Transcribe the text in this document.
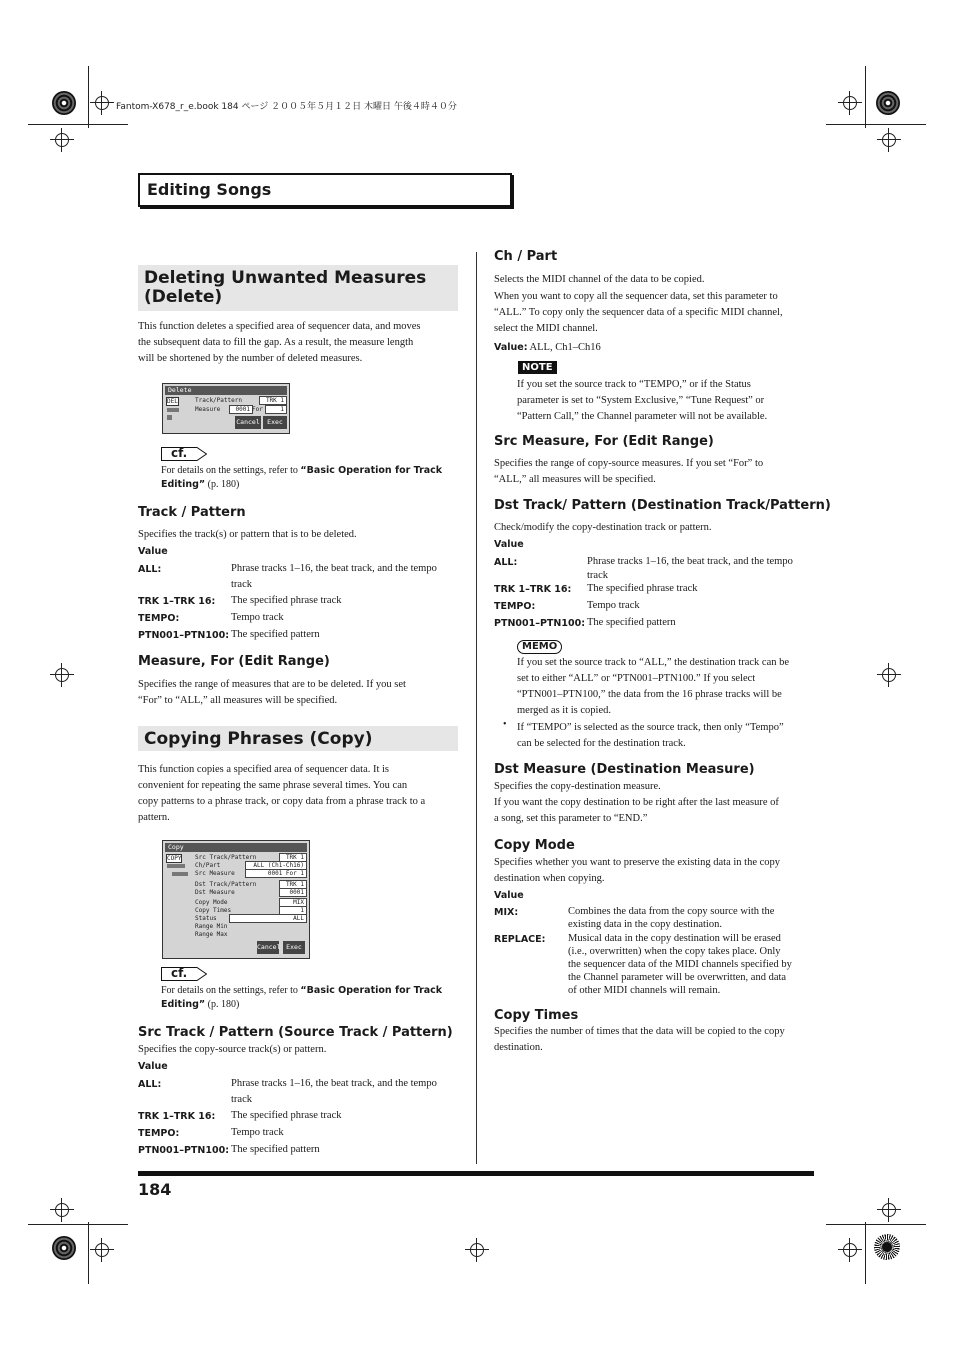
Fantom-X678_r_e.book 184 ページ ２００５年５月１２日 木曜日 午後４時４０分
Editing Songs
Deleting Unwanted Measures
(Delete)
This function deletes a specified area of sequencer data, and moves
the subsequent data to fill the gap. As a result, the measure length
will be shortened by the number of deleted measures.
Delete
DEL	Track/Pattern	TRK 1
Measure	0001 For	1
Cancel	Exec
cf.
For details on the settings, refer to “Basic Operation for Track
Editing” (p. 180)
Track / Pattern
Specifies the track(s) or pattern that is to be deleted.
Value
ALL:	Phrase tracks 1–16, the beat track, and the tempo
track
TRK 1–TRK 16: The specified phrase track
TEMPO:	Tempo track
PTN001–PTN100: The specified pattern
Measure, For (Edit Range)
Specifies the range of measures that are to be deleted. If you set
“For” to “ALL,” all measures will be specified.
Copying Phrases (Copy)
This function copies a specified area of sequencer data. It is
convenient for repeating the same phrase several times. You can
copy patterns to a phrase track, or copy data from a phrase track to a
pattern.
Copy
COPY Src Track/Pattern	TRK 1
Ch/Part	ALL (Ch1-Ch16)
Src Measure	0001 For 1
Dst Track/Pattern	TRK 1
Dst Measure	0001
Copy Mode	MIX
Copy Times	1
Status	ALL
Range Min
Range Max
Cancel Exec
cf.
For details on the settings, refer to “Basic Operation for Track
Editing” (p. 180)
Src Track / Pattern (Source Track / Pattern)
Specifies the copy-source track(s) or pattern.
Value
ALL:	Phrase tracks 1–16, the beat track, and the tempo
track
TRK 1–TRK 16: The specified phrase track
TEMPO:	Tempo track
PTN001–PTN100: The specified pattern
Ch / Part
Selects the MIDI channel of the data to be copied.
When you want to copy all the sequencer data, set this parameter to
“ALL.” To copy only the sequencer data of a specific MIDI channel,
select the MIDI channel.
Value: ALL, Ch1–Ch16
NOTE
If you set the source track to “TEMPO,” or if the Status
parameter is set to “System Exclusive,” “Tune Request” or
“Pattern Call,” the Channel parameter will not be available.
Src Measure, For (Edit Range)
Specifies the range of copy-source measures. If you set “For” to
“ALL,” all measures will be specified.
Dst Track/ Pattern (Destination Track/Pattern)
Check/modify the copy-destination track or pattern.
Value
ALL:	Phrase tracks 1–16, the beat track, and the tempo
track
TRK 1–TRK 16: The specified phrase track
TEMPO:	Tempo track
PTN001–PTN100: The specified pattern
MEMO
If you set the source track to “ALL,” the destination track can be
set to either “ALL” or “PTN001–PTN100.” If you select
“PTN001–PTN100,” the data from the 16 phrase tracks will be
merged as it is copied.
• If “TEMPO” is selected as the source track, then only “Tempo”
can be selected for the destination track.
Dst Measure (Destination Measure)
Specifies the copy-destination measure.
If you want the copy destination to be right after the last measure of
a song, set this parameter to “END.”
Copy Mode
Specifies whether you want to preserve the existing data in the copy
destination when copying.
Value
MIX:	Combines the data from the copy source with the
existing data in the copy destination.
REPLACE: Musical data in the copy destination will be erased
(i.e., overwritten) when the copy takes place. Only
the sequencer data of the MIDI channels specified by
the Channel parameter will be overwritten, and data
of other MIDI channels will remain.
Copy Times
Specifies the number of times that the data will be copied to the copy
destination.
184
